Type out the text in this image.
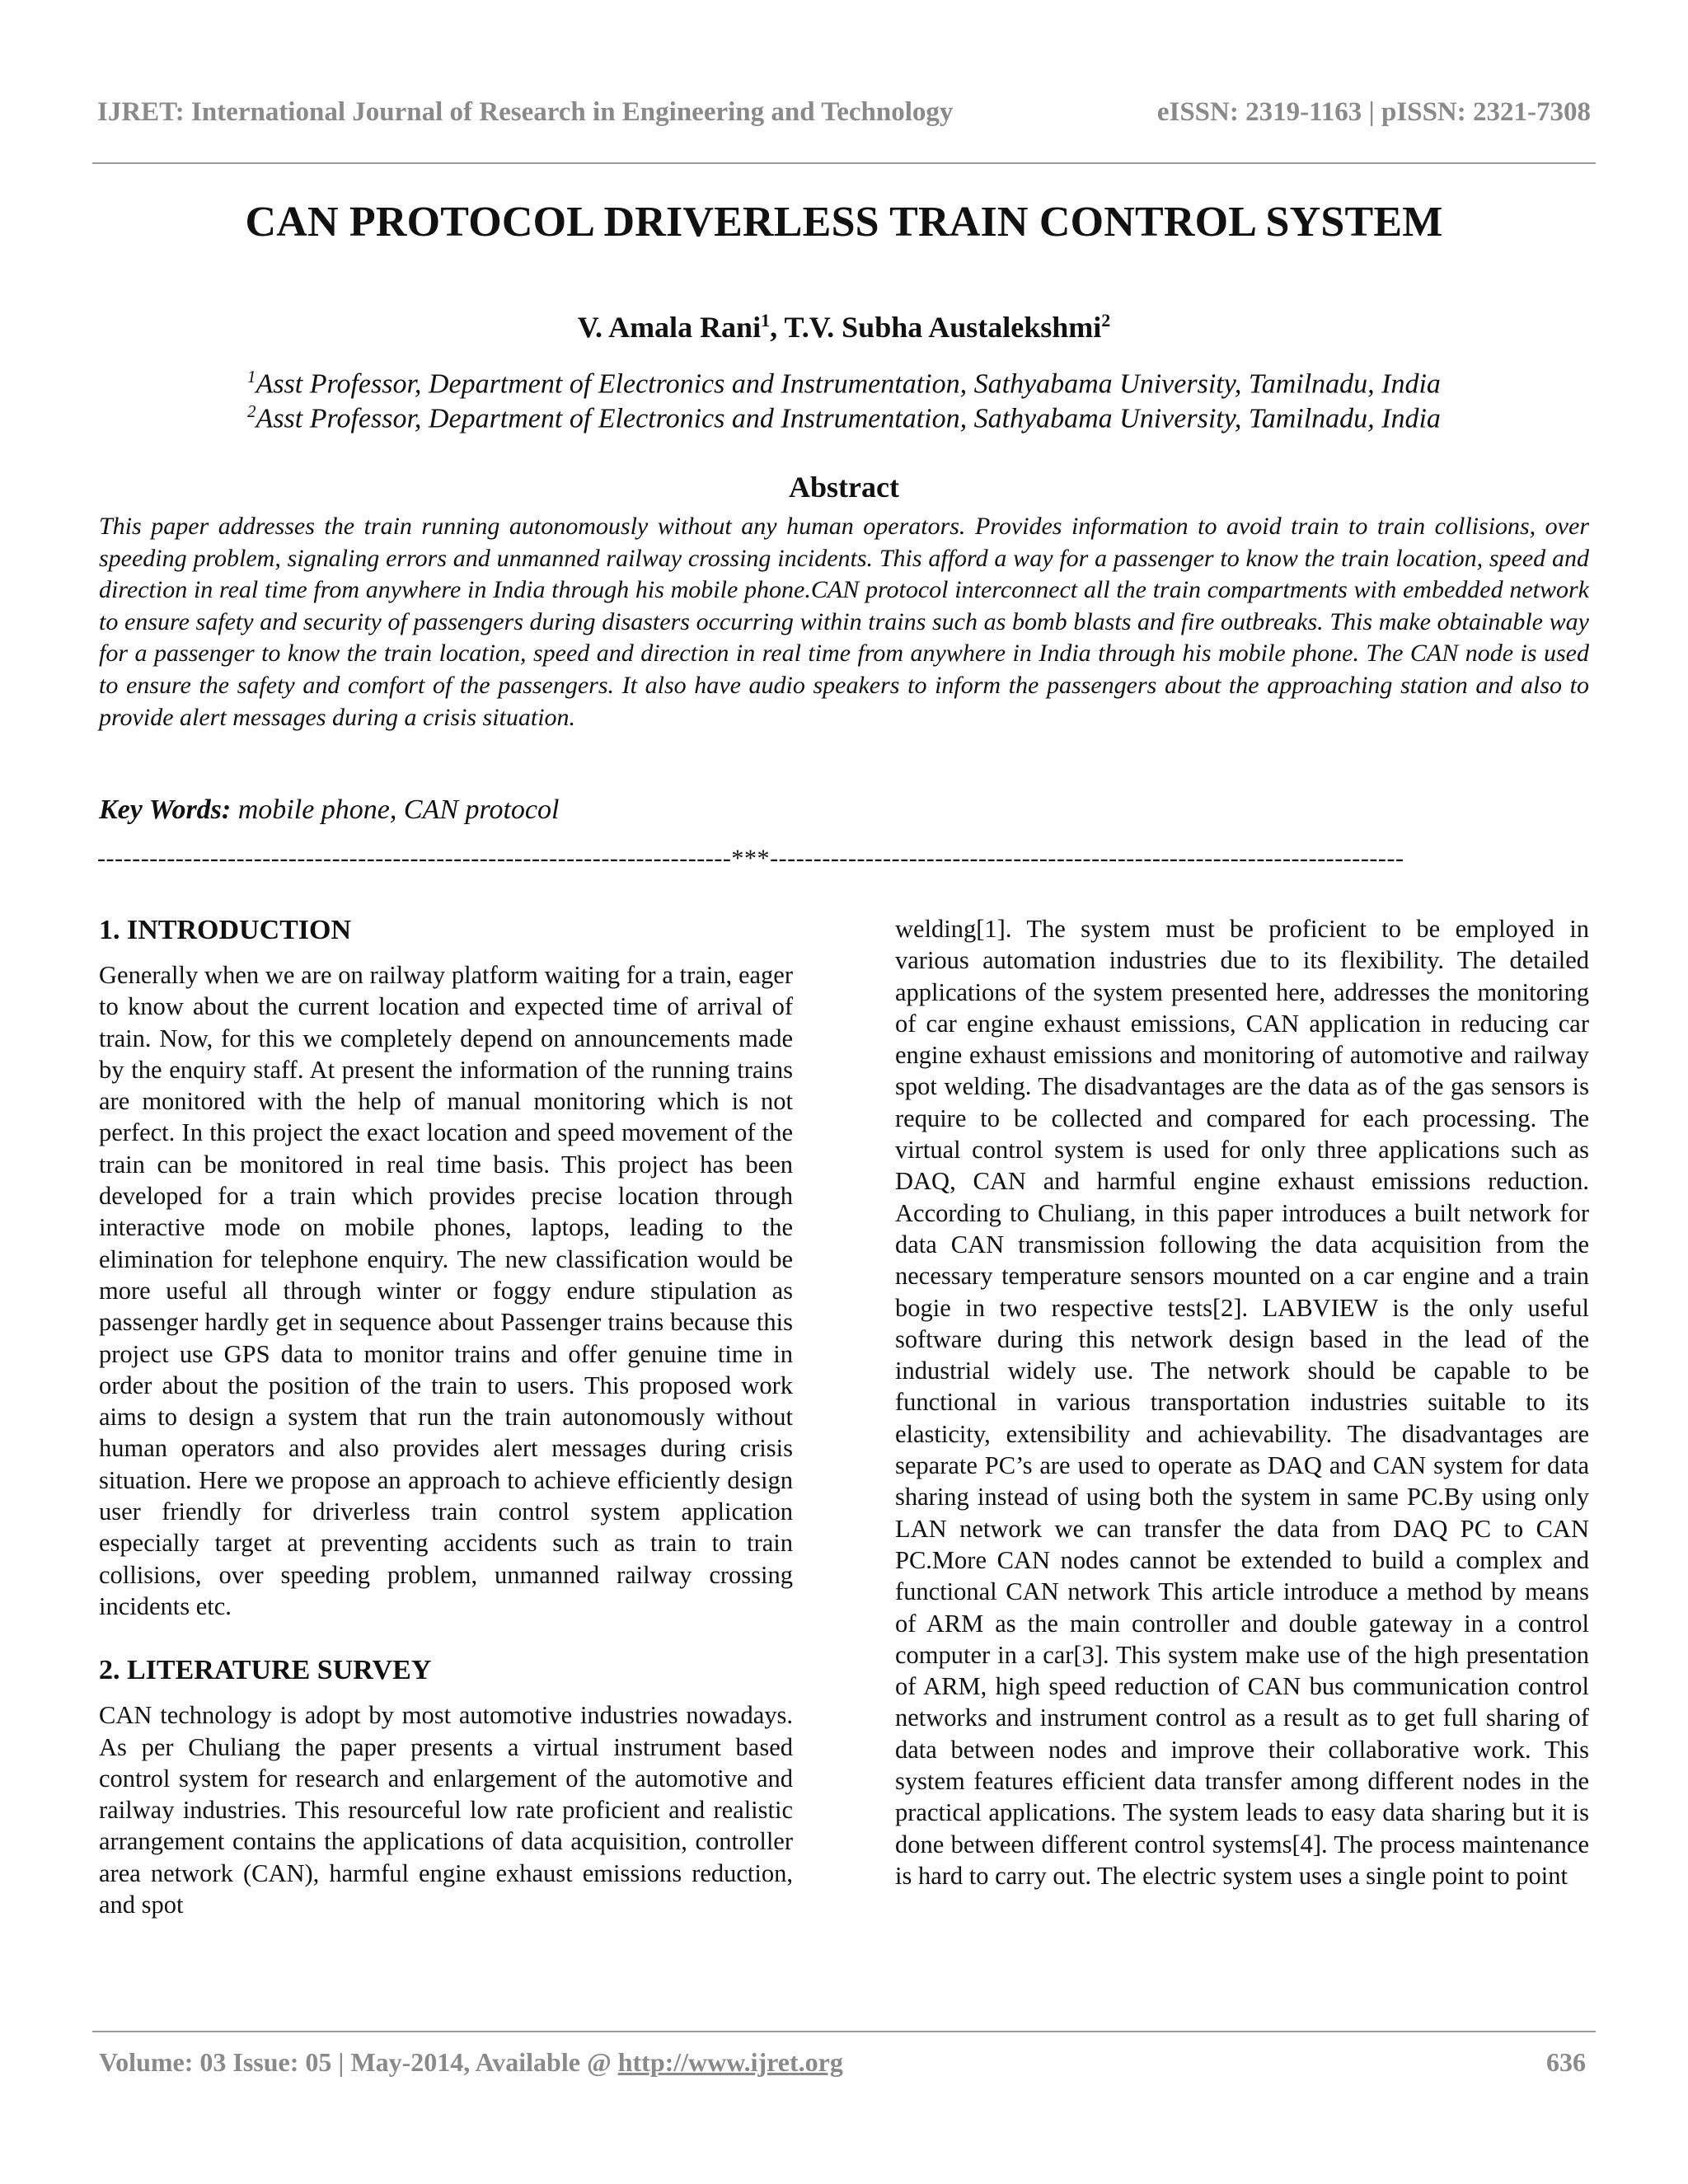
IJRET: International Journal of Research in Engineering and Technology	eISSN: 2319-1163 | pISSN: 2321-7308
CAN PROTOCOL DRIVERLESS TRAIN CONTROL SYSTEM
V. Amala Rani$^1$, T.V. Subha Austalekshmi$^2$
$^1$Asst Professor, Department of Electronics and Instrumentation, Sathyabama University, Tamilnadu, India
$^2$Asst Professor, Department of Electronics and Instrumentation, Sathyabama University, Tamilnadu, India
Abstract

This paper addresses the train running autonomously without any human operators. Provides information to avoid train to train collisions, over speeding problem, signaling errors and unmanned railway crossing incidents. This afford a way for a passenger to know the train location, speed and direction in real time from anywhere in India through his mobile phone.CAN protocol interconnect all the train compartments with embedded network to ensure safety and security of passengers during disasters occurring within trains such as bomb blasts and fire outbreaks. This make obtainable way for a passenger to know the train location, speed and direction in real time from anywhere in India through his mobile phone. The CAN node is used to ensure the safety and comfort of the passengers. It also have audio speakers to inform the passengers about the approaching station and also to provide alert messages during a crisis situation.

Key Words: mobile phone, CAN protocol
-------------------------------------------------------------------------***-------------------------------------------------------------------------
1. INTRODUCTION

Generally when we are on railway platform waiting for a train, eager to know about the current location and expected time of arrival of train. Now, for this we completely depend on announcements made by the enquiry staff. At present the information of the running trains are monitored with the help of manual monitoring which is not perfect. In this project the exact location and speed movement of the train can be monitored in real time basis. This project has been developed for a train which provides precise location through interactive mode on mobile phones, laptops, leading to the elimination for telephone enquiry. The new classification would be more useful all through winter or foggy endure stipulation as passenger hardly get in sequence about Passenger trains because this project use GPS data to monitor trains and offer genuine time in order about the position of the train to users. This proposed work aims to design a system that run the train autonomously without human operators and also provides alert messages during crisis situation. Here we propose an approach to achieve efficiently design user friendly for driverless train control system application especially target at preventing accidents such as train to train collisions, over speeding problem, unmanned railway crossing incidents etc.

2. LITERATURE SURVEY

CAN technology is adopt by most automotive industries nowadays. As per Chuliang the paper presents a virtual instrument based control system for research and enlargement of the automotive and railway industries. This resourceful low rate proficient and realistic arrangement contains the applications of data acquisition, controller area network (CAN), harmful engine exhaust emissions reduction, and spot

welding[1]. The system must be proficient to be employed in various automation industries due to its flexibility. The detailed applications of the system presented here, addresses the monitoring of car engine exhaust emissions, CAN application in reducing car engine exhaust emissions and monitoring of automotive and railway spot welding. The disadvantages are the data as of the gas sensors is require to be collected and compared for each processing. The virtual control system is used for only three applications such as DAQ, CAN and harmful engine exhaust emissions reduction. According to Chuliang, in this paper introduces a built network for data CAN transmission following the data acquisition from the necessary temperature sensors mounted on a car engine and a train bogie in two respective tests[2]. LABVIEW is the only useful software during this network design based in the lead of the industrial widely use. The network should be capable to be functional in various transportation industries suitable to its elasticity, extensibility and achievability. The disadvantages are separate PC’s are used to operate as DAQ and CAN system for data sharing instead of using both the system in same PC.By using only LAN network we can transfer the data from DAQ PC to CAN PC.More CAN nodes cannot be extended to build a complex and functional CAN network This article introduce a method by means of ARM as the main controller and double gateway in a control computer in a car[3]. This system make use of the high presentation of ARM, high speed reduction of CAN bus communication control networks and instrument control as a result as to get full sharing of data between nodes and improve their collaborative work. This system features efficient data transfer among different nodes in the practical applications. The system leads to easy data sharing but it is done between different control systems[4]. The process maintenance is hard to carry out. The electric system uses a single point to point

Volume: 03 Issue: 05 | May-2014, Available @ http://www.ijret.org	636
